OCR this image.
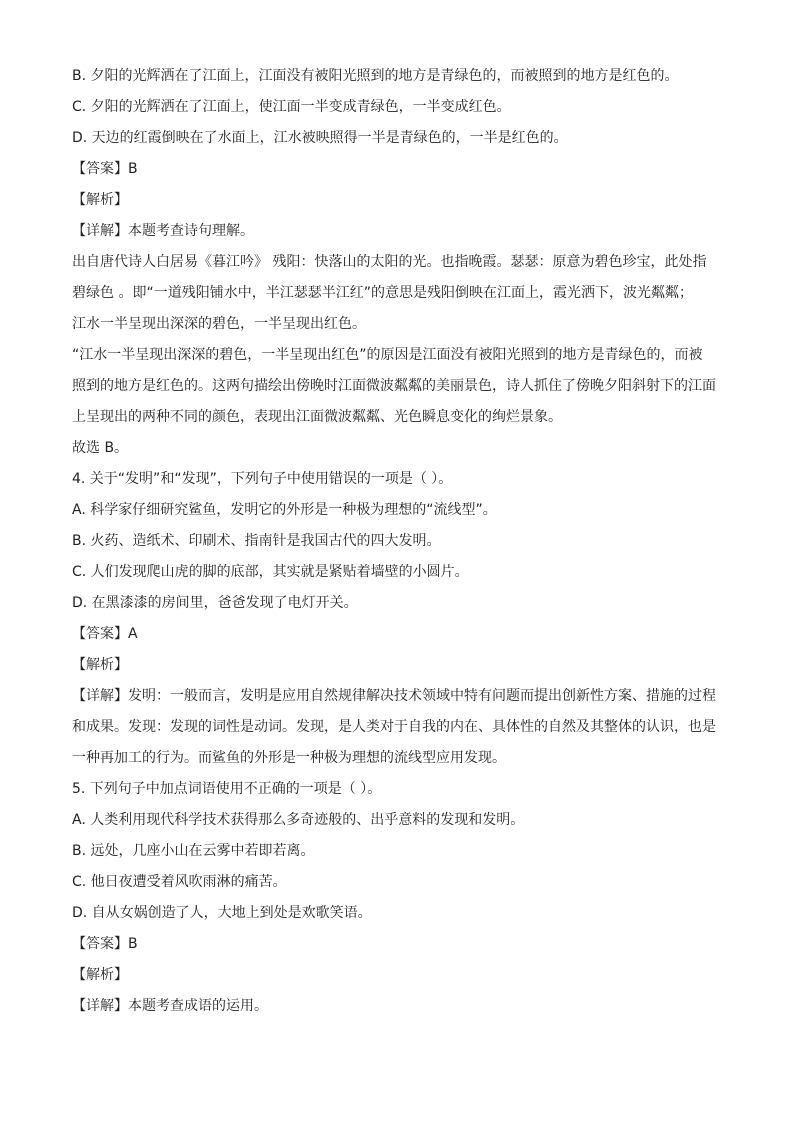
B. 夕阳的光辉洒在了江面上，江面没有被阳光照到的地方是青绿色的，而被照到的地方是红色的。
C. 夕阳的光辉洒在了江面上，使江面一半变成青绿色，一半变成红色。
D. 天边的红霞倒映在了水面上，江水被映照得一半是青绿色的，一半是红色的。
【答案】B
【解析】
【详解】本题考查诗句理解。
出自唐代诗人白居易《暮江吟》 残阳：快落山的太阳的光。也指晚霞。瑟瑟：原意为碧色珍宝，此处指
碧绿色 。即“一道残阳铺水中，半江瑟瑟半江红”的意思是残阳倒映在江面上，霞光洒下，波光粼粼；
江水一半呈现出深深的碧色，一半呈现出红色。
“江水一半呈现出深深的碧色，一半呈现出红色”的原因是江面没有被阳光照到的地方是青绿色的，而被
照到的地方是红色的。这两句描绘出傍晚时江面微波粼粼的美丽景色，诗人抓住了傍晚夕阳斜射下的江面
上呈现出的两种不同的颜色，表现出江面微波粼粼、光色瞬息变化的绚烂景象。
故选 B。
4. 关于“发明”和“发现”，下列句子中使用错误的一项是（ ）。
A. 科学家仔细研究鲨鱼，发明它的外形是一种极为理想的“流线型”。
B. 火药、造纸术、印刷术、指南针是我国古代的四大发明。
C. 人们发现爬山虎的脚的底部，其实就是紧贴着墙壁的小圆片。
D. 在黑漆漆的房间里，爸爸发现了电灯开关。
【答案】A
【解析】
【详解】发明：一般而言，发明是应用自然规律解决技术领域中特有问题而提出创新性方案、措施的过程
和成果。发现：发现的词性是动词。发现，是人类对于自我的内在、具体性的自然及其整体的认识，也是
一种再加工的行为。而鲨鱼的外形是一种极为理想的流线型应用发现。
5. 下列句子中加点词语使用不正确的一项是（ ）。
A. 人类利用现代科学技术获得那么多奇迹般的、出乎意料的发现和发明。
B. 远处，几座小山在云雾中若即若离。
C. 他日夜遭受着风吹雨淋的痛苦。
D. 自从女娲创造了人，大地上到处是欢歌笑语。
【答案】B
【解析】
【详解】本题考查成语的运用。
